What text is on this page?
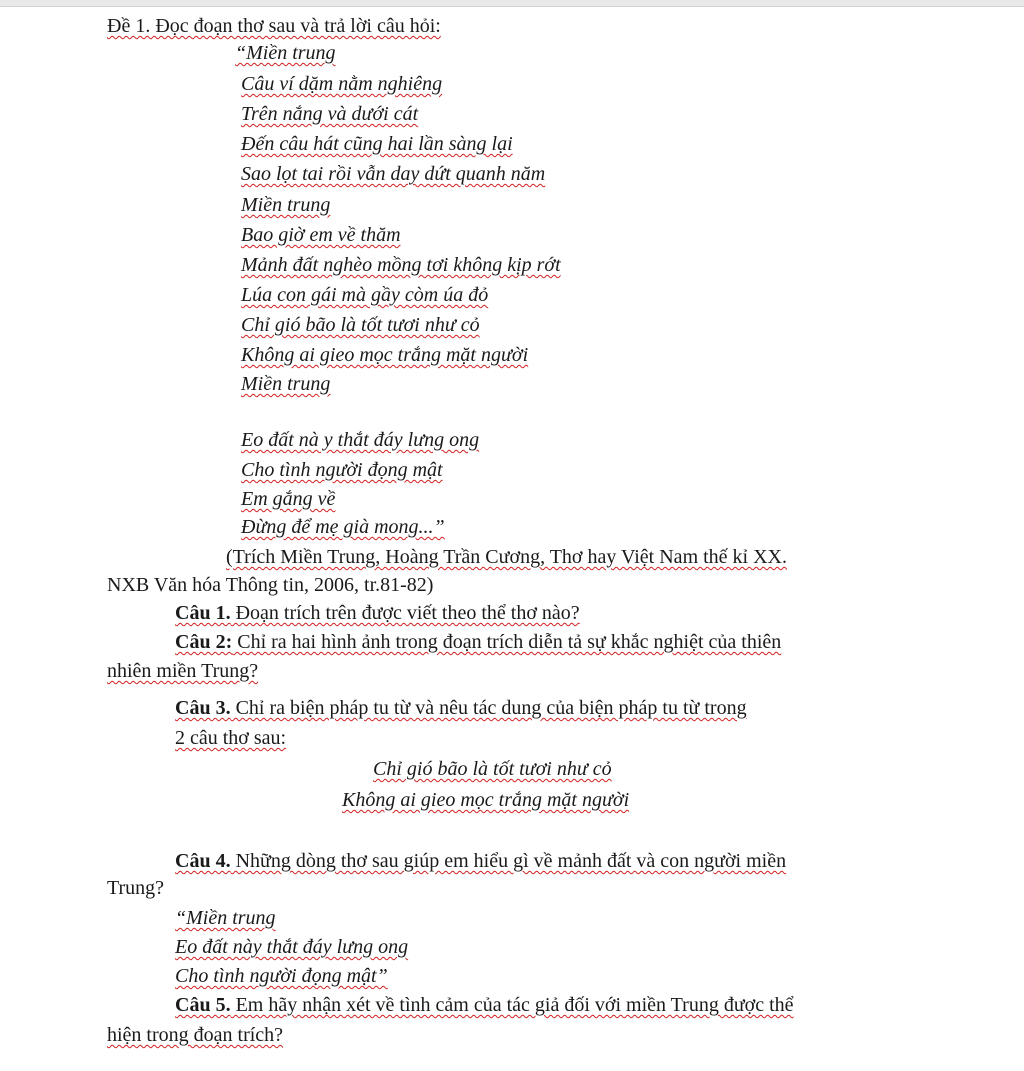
Đề 1. Đọc đoạn thơ sau và trả lời câu hỏi:
“Miền trung
Câu ví dặm nằm nghiêng
Trên nắng và dưới cát
Đến câu hát cũng hai lần sàng lại
Sao lọt tai rồi vẫn day dứt quanh năm
Miền trung
Bao giờ em về thăm
Mảnh đất nghèo mồng tơi không kịp rớt
Lúa con gái mà gầy còm úa đỏ
Chỉ gió bão là tốt tươi như cỏ
Không ai gieo mọc trắng mặt người
Miền trung
Eo đất nà y thắt đáy lưng ong
Cho tình người đọng mật
Em gắng về
Đừng để mẹ già mong...”
(Trích Miền Trung, Hoàng Trần Cương, Thơ hay Việt Nam thế kỉ XX.
NXB Văn hóa Thông tin, 2006, tr.81-82)
Câu 1. Đoạn trích trên được viết theo thể thơ nào?
Câu 2: Chỉ ra hai hình ảnh trong đoạn trích diễn tả sự khắc nghiệt của thiên
nhiên miền Trung?
Câu 3. Chỉ ra biện pháp tu từ và nêu tác dung của biện pháp tu từ trong
2 câu thơ sau:
Chỉ gió bão là tốt tươi như cỏ
Không ai gieo mọc trắng mặt người
Câu 4. Những dòng thơ sau giúp em hiểu gì về mảnh đất và con người miền
Trung?
“Miền trung
Eo đất này thắt đáy lưng ong
Cho tình người đọng mật”
Câu 5. Em hãy nhận xét về tình cảm của tác giả đối với miền Trung được thể
hiện trong đoạn trích?
